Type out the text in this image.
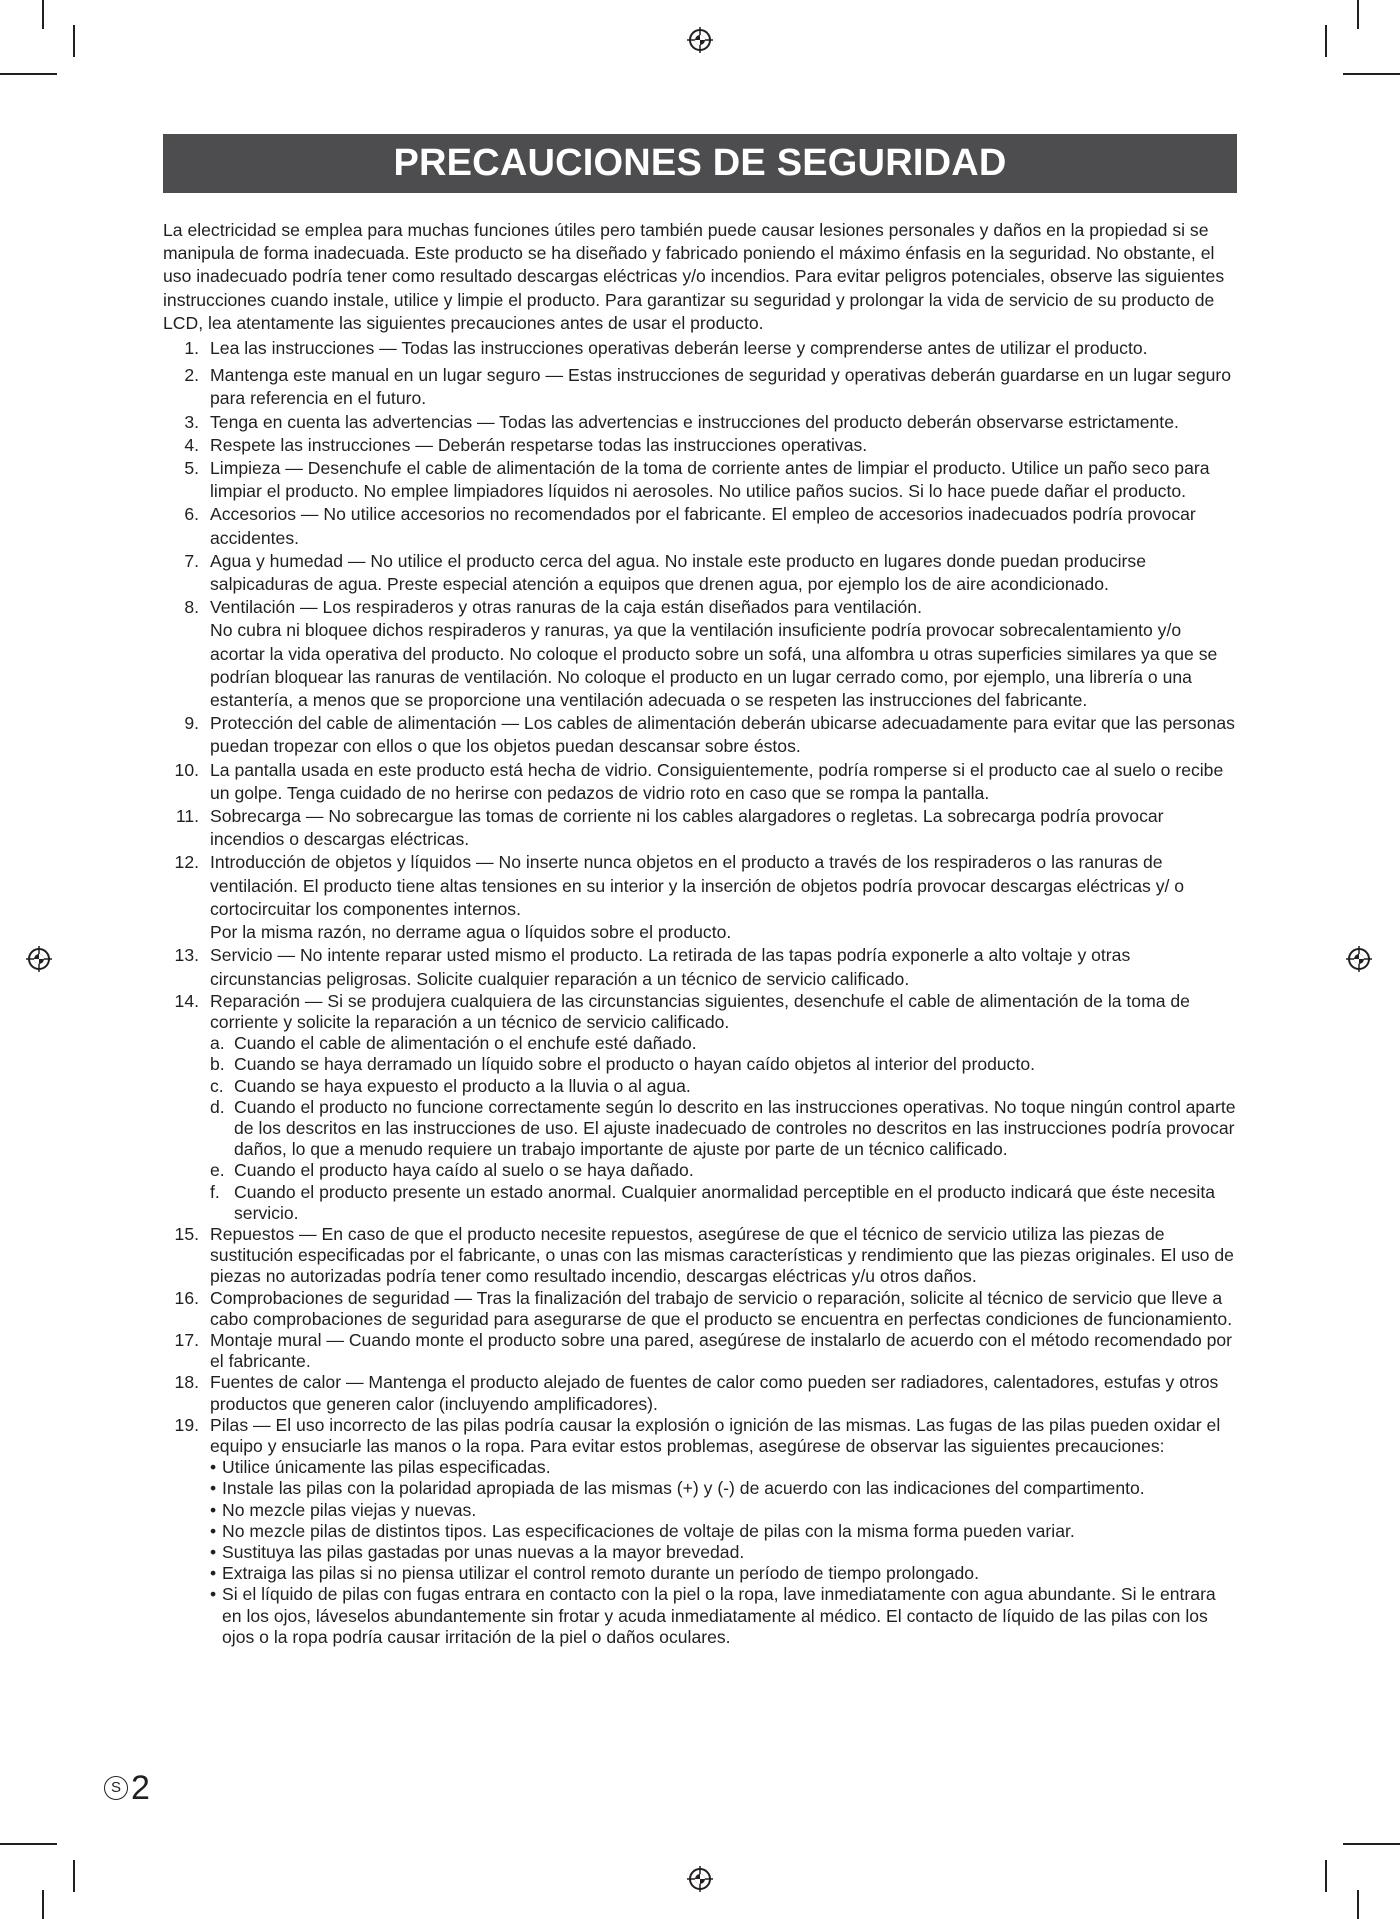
PRECAUCIONES DE SEGURIDAD

La electricidad se emplea para muchas funciones útiles pero también puede causar lesiones personales y daños en la propiedad si se manipula de forma inadecuada. Este producto se ha diseñado y fabricado poniendo el máximo énfasis en la seguridad. No obstante, el uso inadecuado podría tener como resultado descargas eléctricas y/o incendios. Para evitar peligros potenciales, observe las siguientes instrucciones cuando instale, utilice y limpie el producto. Para garantizar su seguridad y prolongar la vida de servicio de su producto de LCD, lea atentamente las siguientes precauciones antes de usar el producto.

1. Lea las instrucciones — Todas las instrucciones operativas deberán leerse y comprenderse antes de utilizar el producto.

2. Mantenga este manual en un lugar seguro — Estas instrucciones de seguridad y operativas deberán guardarse en un lugar seguro para referencia en el futuro.

3. Tenga en cuenta las advertencias — Todas las advertencias e instrucciones del producto deberán observarse estrictamente.

4. Respete las instrucciones — Deberán respetarse todas las instrucciones operativas.

5. Limpieza — Desenchufe el cable de alimentación de la toma de corriente antes de limpiar el producto. Utilice un paño seco para limpiar el producto. No emplee limpiadores líquidos ni aerosoles. No utilice paños sucios. Si lo hace puede dañar el producto.

6. Accesorios — No utilice accesorios no recomendados por el fabricante. El empleo de accesorios inadecuados podría provocar accidentes.

7. Agua y humedad — No utilice el producto cerca del agua. No instale este producto en lugares donde puedan producirse salpicaduras de agua. Preste especial atención a equipos que drenen agua, por ejemplo los de aire acondicionado.

8. Ventilación — Los respiraderos y otras ranuras de la caja están diseñados para ventilación.

No cubra ni bloquee dichos respiraderos y ranuras, ya que la ventilación insuficiente podría provocar sobrecalentamiento y/o acortar la vida operativa del producto. No coloque el producto sobre un sofá, una alfombra u otras superficies similares ya que se podrían bloquear las ranuras de ventilación. No coloque el producto en un lugar cerrado como, por ejemplo, una librería o una estantería, a menos que se proporcione una ventilación adecuada o se respeten las instrucciones del fabricante.

9. Protección del cable de alimentación — Los cables de alimentación deberán ubicarse adecuadamente para evitar que las personas puedan tropezar con ellos o que los objetos puedan descansar sobre éstos.

10. La pantalla usada en este producto está hecha de vidrio. Consiguientemente, podría romperse si el producto cae al suelo o recibe un golpe. Tenga cuidado de no herirse con pedazos de vidrio roto en caso que se rompa la pantalla.

11. Sobrecarga — No sobrecargue las tomas de corriente ni los cables alargadores o regletas. La sobrecarga podría provocar incendios o descargas eléctricas.

12. Introducción de objetos y líquidos — No inserte nunca objetos en el producto a través de los respiraderos o las ranuras de ventilación. El producto tiene altas tensiones en su interior y la inserción de objetos podría provocar descargas eléctricas y/ o cortocircuitar los componentes internos.

Por la misma razón, no derrame agua o líquidos sobre el producto.

13. Servicio — No intente reparar usted mismo el producto. La retirada de las tapas podría exponerle a alto voltaje y otras circunstancias peligrosas. Solicite cualquier reparación a un técnico de servicio calificado.

14. Reparación — Si se produjera cualquiera de las circunstancias siguientes, desenchufe el cable de alimentación de la toma de corriente y solicite la reparación a un técnico de servicio calificado.

a. Cuando el cable de alimentación o el enchufe esté dañado.
b. Cuando se haya derramado un líquido sobre el producto o hayan caído objetos al interior del producto.
c. Cuando se haya expuesto el producto a la lluvia o al agua.
d. Cuando el producto no funcione correctamente según lo descrito en las instrucciones operativas. No toque ningún control aparte de los descritos en las instrucciones de uso. El ajuste inadecuado de controles no descritos en las instrucciones podría provocar daños, lo que a menudo requiere un trabajo importante de ajuste por parte de un técnico calificado.
e. Cuando el producto haya caído al suelo o se haya dañado.
f. Cuando el producto presente un estado anormal. Cualquier anormalidad perceptible en el producto indicará que éste necesita servicio.
15. Repuestos — En caso de que el producto necesite repuestos, asegúrese de que el técnico de servicio utiliza las piezas de sustitución especificadas por el fabricante, o unas con las mismas características y rendimiento que las piezas originales. El uso de piezas no autorizadas podría tener como resultado incendio, descargas eléctricas y/u otros daños.

16. Comprobaciones de seguridad — Tras la finalización del trabajo de servicio o reparación, solicite al técnico de servicio que lleve a cabo comprobaciones de seguridad para asegurarse de que el producto se encuentra en perfectas condiciones de funcionamiento.

17. Montaje mural — Cuando monte el producto sobre una pared, asegúrese de instalarlo de acuerdo con el método recomendado por el fabricante.

18. Fuentes de calor — Mantenga el producto alejado de fuentes de calor como pueden ser radiadores, calentadores, estufas y otros productos que generen calor (incluyendo amplificadores).

19. Pilas — El uso incorrecto de las pilas podría causar la explosión o ignición de las mismas. Las fugas de las pilas pueden oxidar el equipo y ensuciarle las manos o la ropa. Para evitar estos problemas, asegúrese de observar las siguientes precauciones:

• Utilice únicamente las pilas especificadas.
• Instale las pilas con la polaridad apropiada de las mismas (+) y (-) de acuerdo con las indicaciones del compartimento.
• No mezcle pilas viejas y nuevas.
• No mezcle pilas de distintos tipos. Las especificaciones de voltaje de pilas con la misma forma pueden variar.
• Sustituya las pilas gastadas por unas nuevas a la mayor brevedad.
• Extraiga las pilas si no piensa utilizar el control remoto durante un período de tiempo prolongado.
• Si el líquido de pilas con fugas entrara en contacto con la piel o la ropa, lave inmediatamente con agua abundante. Si le entrara en los ojos, láveselos abundantemente sin frotar y acuda inmediatamente al médico. El contacto de líquido de las pilas con los ojos o la ropa podría causar irritación de la piel o daños oculares.
S 2
